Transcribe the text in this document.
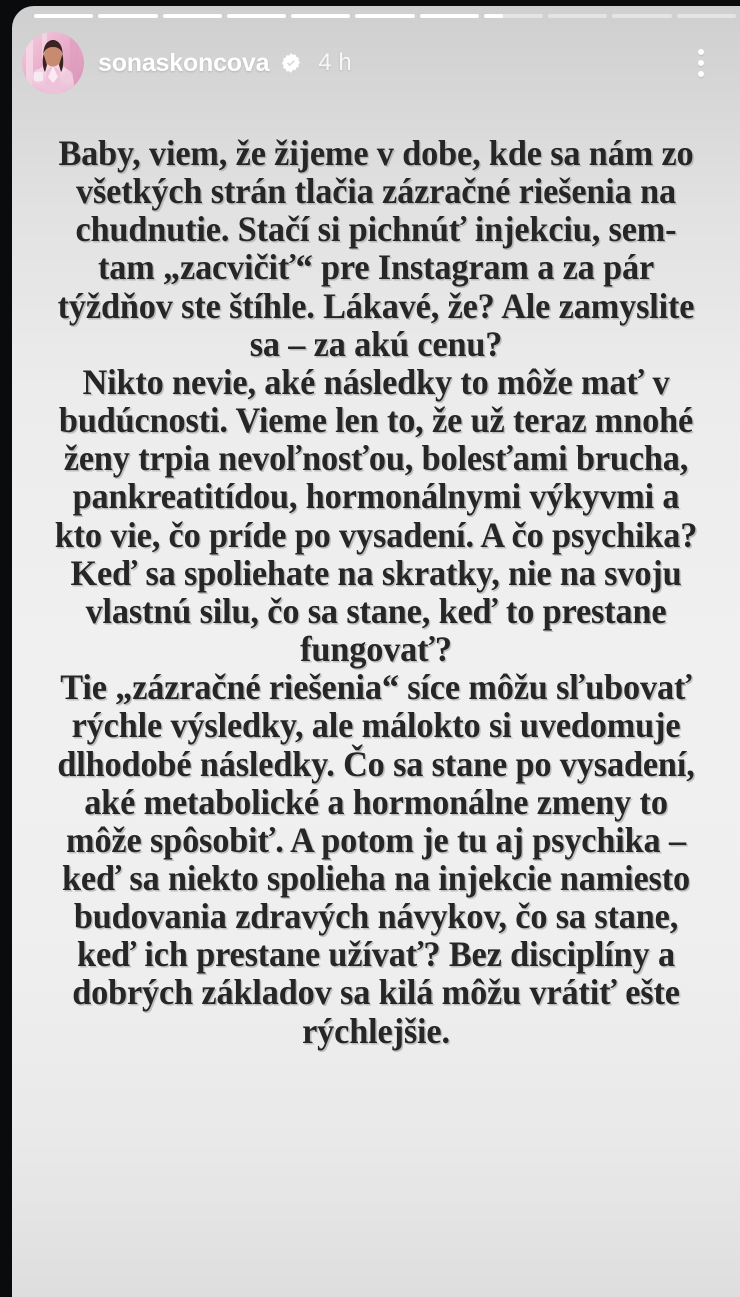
sonaskoncova 4 h

Baby, viem, že žijeme v dobe, kde sa nám zo všetkých strán tlačia zázračné riešenia na chudnutie. Stačí si pichnúť injekciu, sem-tam „zacvičiť“ pre Instagram a za pár týždňov ste štíhle. Lákavé, že? Ale zamyslite sa – za akú cenu?

Nikto nevie, aké následky to môže mať v budúcnosti. Vieme len to, že už teraz mnohé ženy trpia nevoľnosťou, bolesťami brucha, pankreatitídou, hormonálnymi výkyvmi a kto vie, čo príde po vysadení. A čo psychika? Keď sa spoliehate na skratky, nie na svoju vlastnú silu, čo sa stane, keď to prestane fungovať?

Tie „zázračné riešenia“ síce môžu sľubovať rýchle výsledky, ale málokto si uvedomuje dlhodobé následky. Čo sa stane po vysadení, aké metabolické a hormonálne zmeny to môže spôsobiť. A potom je tu aj psychika – keď sa niekto spolieha na injekcie namiesto budovania zdravých návykov, čo sa stane, keď ich prestane užívať? Bez disciplíny a dobrých základov sa kilá môžu vrátiť ešte rýchlejšie.
